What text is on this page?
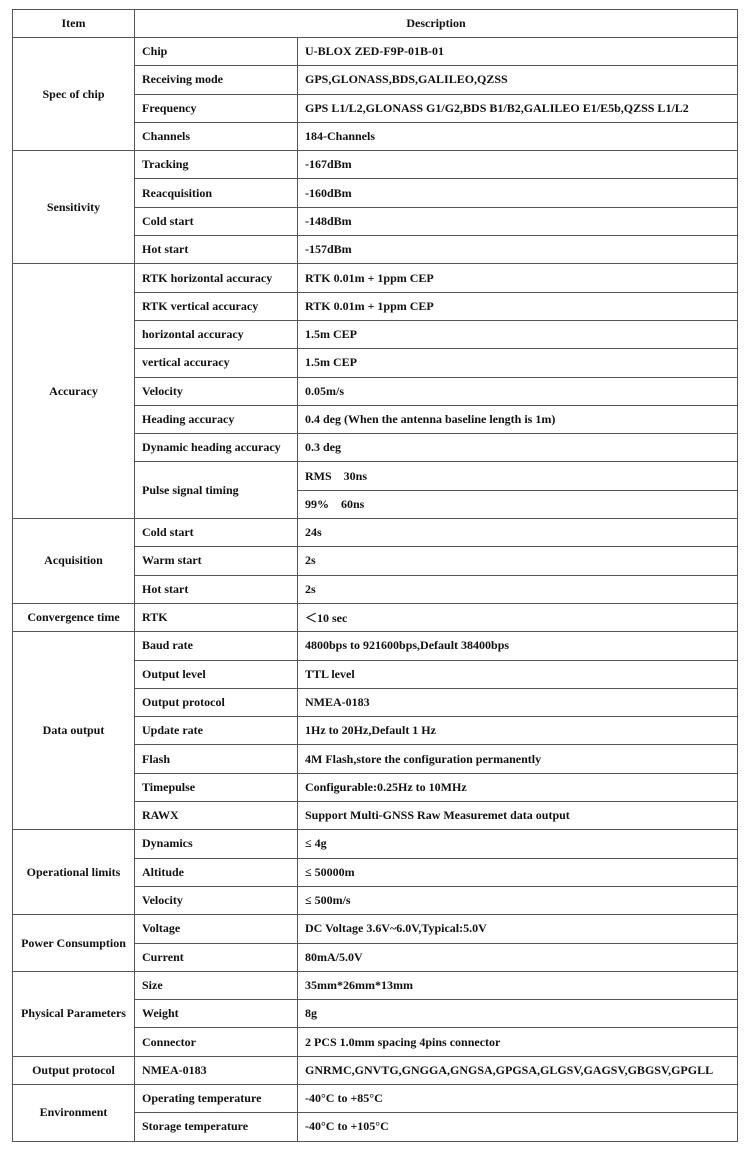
Item	Description	
Spec of chip	Chip	U-BLOX ZED-F9P-01B-01
	Receiving mode	GPS,GLONASS,BDS,GALILEO,QZSS
	Frequency	GPS L1/L2,GLONASS G1/G2,BDS B1/B2,GALILEO E1/E5b,QZSS L1/L2
	Channels	184-Channels
Sensitivity	Tracking	-167dBm
	Reacquisition	-160dBm
	Cold start	-148dBm
	Hot start	-157dBm
Accuracy	RTK horizontal accuracy	RTK 0.01m + 1ppm CEP
	RTK vertical accuracy	RTK 0.01m + 1ppm CEP
	horizontal accuracy	1.5m CEP
	vertical accuracy	1.5m CEP
	Velocity	0.05m/s
	Heading accuracy	0.4 deg (When the antenna baseline length is 1m)
	Dynamic heading accuracy	0.3 deg
	Pulse signal timing	RMS    30ns
		99%    60ns
Acquisition	Cold start	24s
	Warm start	2s
	Hot start	2s
Convergence time	RTK	＜10 sec
Data output	Baud rate	4800bps to 921600bps,Default 38400bps
	Output level	TTL level
	Output protocol	NMEA-0183
	Update rate	1Hz to 20Hz,Default 1 Hz
	Flash	4M Flash,store the configuration permanently
	Timepulse	Configurable:0.25Hz to 10MHz
	RAWX	Support Multi-GNSS Raw Measuremet data output
Operational limits	Dynamics	≤ 4g
	Altitude	≤ 50000m
	Velocity	≤ 500m/s
Power Consumption	Voltage	DC Voltage 3.6V~6.0V,Typical:5.0V
	Current	80mA/5.0V
Physical Parameters	Size	35mm*26mm*13mm
	Weight	8g
	Connector	2 PCS 1.0mm spacing 4pins connector
Output protocol	NMEA-0183	GNRMC,GNVTG,GNGGA,GNGSA,GPGSA,GLGSV,GAGSV,GBGSV,GPGLL
Environment	Operating temperature	-40°C to +85°C
	Storage temperature	-40°C to +105°C
